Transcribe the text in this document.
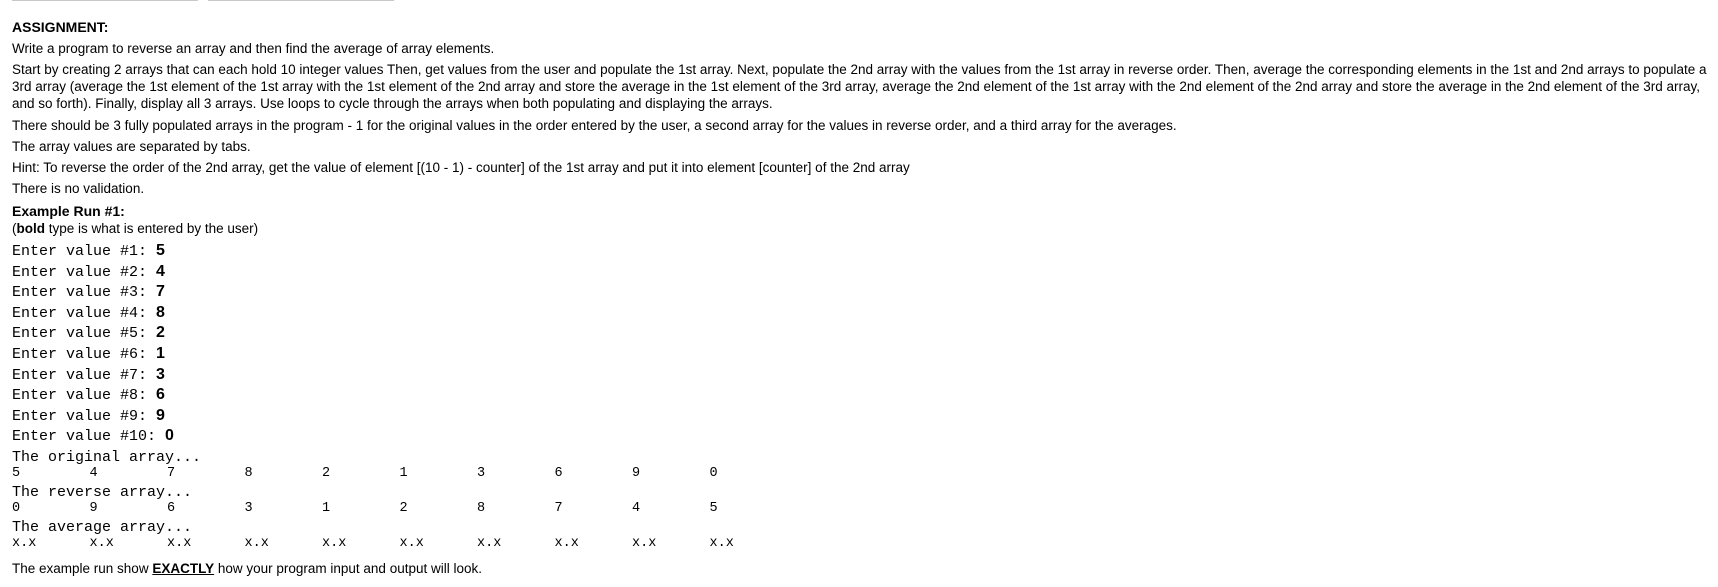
ASSIGNMENT:

Write a program to reverse an array and then find the average of array elements.

Start by creating 2 arrays that can each hold 10 integer values Then, get values from the user and populate the 1st array. Next, populate the 2nd array with the values from the 1st array in reverse order. Then, average the corresponding elements in the 1st and 2nd arrays to populate a 3rd array (average the 1st element of the 1st array with the 1st element of the 2nd array and store the average in the 1st element of the 3rd array, average the 2nd element of the 1st array with the 2nd element of the 2nd array and store the average in the 2nd element of the 3rd array, and so forth). Finally, display all 3 arrays. Use loops to cycle through the arrays when both populating and displaying the arrays.

There should be 3 fully populated arrays in the program - 1 for the original values in the order entered by the user, a second array for the values in reverse order, and a third array for the averages.

The array values are separated by tabs.

Hint: To reverse the order of the 2nd array, get the value of element [(10 - 1) - counter] of the 1st array and put it into element [counter] of the 2nd array

There is no validation.

Example Run #1:

(bold type is what is entered by the user)

Enter value #1: 5
Enter value #2: 4
Enter value #3: 7
Enter value #4: 8
Enter value #5: 2
Enter value #6: 1
Enter value #7: 3
Enter value #8: 6
Enter value #9: 9
Enter value #10: 0
The original array...
5	4	7	8	2	1	3	6	9	0
The reverse array...
0	9	6	3	1	2	8	7	4	5
The average array...
x.x	x.x	x.x	x.x	x.x	x.x	x.x	x.x	x.x	x.x
The example run show EXACTLY how your program input and output will look.
